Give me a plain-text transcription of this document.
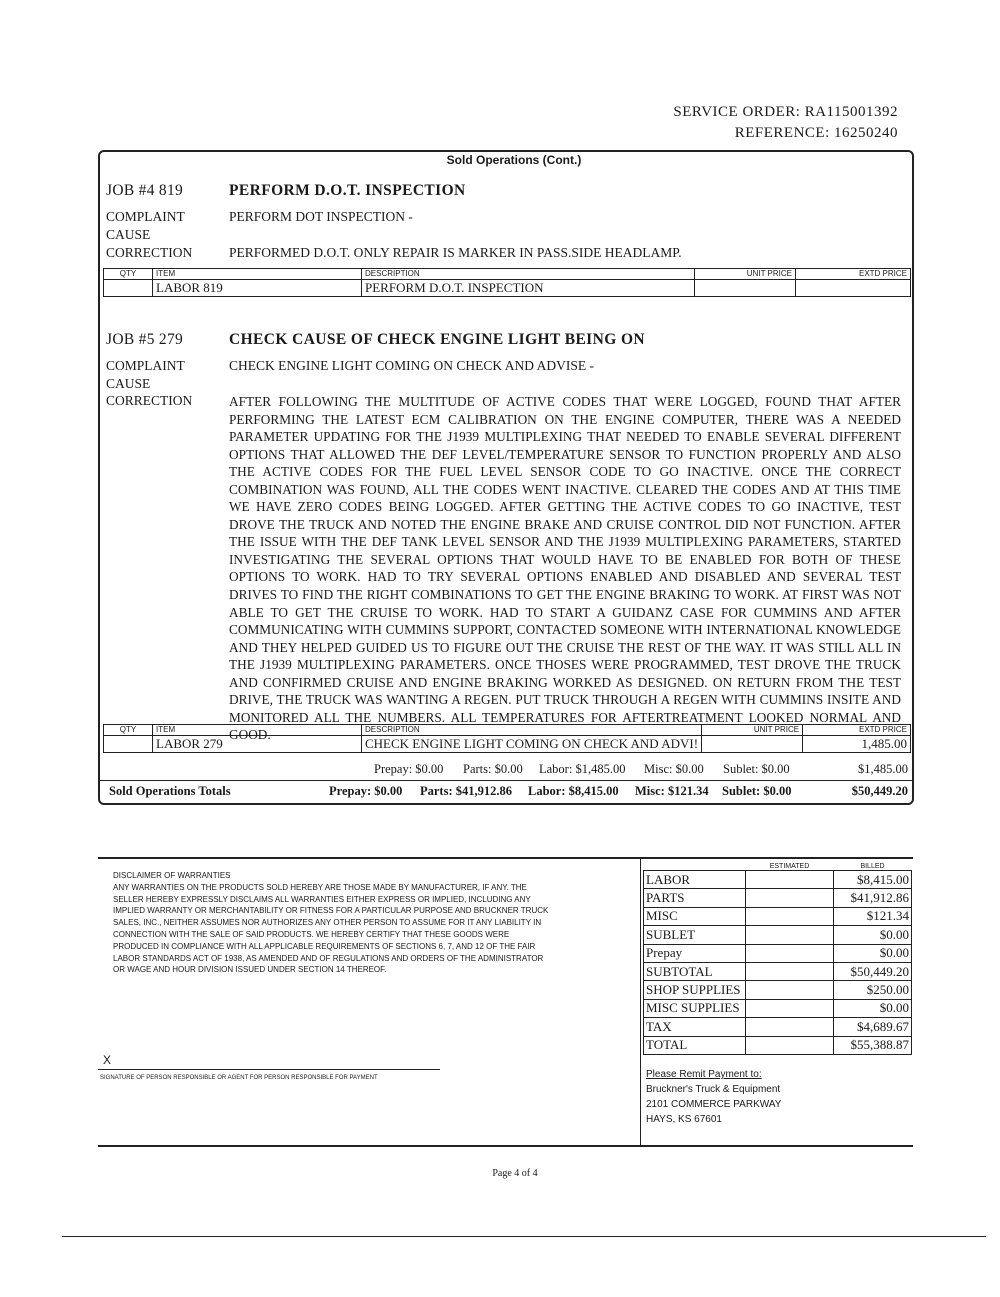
SERVICE ORDER: RA115001392
REFERENCE: 16250240
Sold Operations (Cont.)
JOB #4 819	PERFORM D.O.T. INSPECTION
COMPLAINT	PERFORM DOT INSPECTION -
CAUSE
CORRECTION	PERFORMED D.O.T. ONLY REPAIR IS MARKER IN PASS.SIDE HEADLAMP.
QTY	ITEM	DESCRIPTION	UNIT PRICE	EXTD PRICE
	LABOR 819	PERFORM D.O.T. INSPECTION		
JOB #5 279	CHECK CAUSE OF CHECK ENGINE LIGHT BEING ON
COMPLAINT	CHECK ENGINE LIGHT COMING ON CHECK AND ADVISE -
CAUSE
CORRECTION	AFTER FOLLOWING THE MULTITUDE OF ACTIVE CODES THAT WERE LOGGED, FOUND THAT AFTER PERFORMING THE LATEST ECM CALIBRATION ON THE ENGINE COMPUTER, THERE WAS A NEEDED PARAMETER UPDATING FOR THE J1939 MULTIPLEXING THAT NEEDED TO ENABLE SEVERAL DIFFERENT OPTIONS THAT ALLOWED THE DEF LEVEL/TEMPERATURE SENSOR TO FUNCTION PROPERLY AND ALSO THE ACTIVE CODES FOR THE FUEL LEVEL SENSOR CODE TO GO INACTIVE. ONCE THE CORRECT COMBINATION WAS FOUND, ALL THE CODES WENT INACTIVE. CLEARED THE CODES AND AT THIS TIME WE HAVE ZERO CODES BEING LOGGED. AFTER GETTING THE ACTIVE CODES TO GO INACTIVE, TEST DROVE THE TRUCK AND NOTED THE ENGINE BRAKE AND CRUISE CONTROL DID NOT FUNCTION. AFTER THE ISSUE WITH THE DEF TANK LEVEL SENSOR AND THE J1939 MULTIPLEXING PARAMETERS, STARTED INVESTIGATING THE SEVERAL OPTIONS THAT WOULD HAVE TO BE ENABLED FOR BOTH OF THESE OPTIONS TO WORK. HAD TO TRY SEVERAL OPTIONS ENABLED AND DISABLED AND SEVERAL TEST DRIVES TO FIND THE RIGHT COMBINATIONS TO GET THE ENGINE BRAKING TO WORK. AT FIRST WAS NOT ABLE TO GET THE CRUISE TO WORK. HAD TO START A GUIDANZ CASE FOR CUMMINS AND AFTER COMMUNICATING WITH CUMMINS SUPPORT, CONTACTED SOMEONE WITH INTERNATIONAL KNOWLEDGE AND THEY HELPED GUIDED US TO FIGURE OUT THE CRUISE THE REST OF THE WAY. IT WAS STILL ALL IN THE J1939 MULTIPLEXING PARAMETERS. ONCE THOSES WERE PROGRAMMED, TEST DROVE THE TRUCK AND CONFIRMED CRUISE AND ENGINE BRAKING WORKED AS DESIGNED. ON RETURN FROM THE TEST DRIVE, THE TRUCK WAS WANTING A REGEN. PUT TRUCK THROUGH A REGEN WITH CUMMINS INSITE AND MONITORED ALL THE NUMBERS. ALL TEMPERATURES FOR AFTERTREATMENT LOOKED NORMAL AND GOOD.
QTY	ITEM	DESCRIPTION	UNIT PRICE	EXTD PRICE
	LABOR 279	CHECK ENGINE LIGHT COMING ON CHECK AND ADVI!		1,485.00
Prepay: $0.00 Parts: $0.00 Labor: $1,485.00 Misc: $0.00 Sublet: $0.00	$1,485.00
Sold Operations Totals	Prepay: $0.00 Parts: $41,912.86 Labor: $8,415.00 Misc: $121.34 Sublet: $0.00	$50,449.20
DISCLAIMER OF WARRANTIES
ANY WARRANTIES ON THE PRODUCTS SOLD HEREBY ARE THOSE MADE BY MANUFACTURER, IF ANY. THE SELLER HEREBY EXPRESSLY DISCLAIMS ALL WARRANTIES EITHER EXPRESS OR IMPLIED, INCLUDING ANY IMPLIED WARRANTY OR MERCHANTABILITY OR FITNESS FOR A PARTICULAR PURPOSE AND BRUCKNER TRUCK SALES, INC., NEITHER ASSUMES NOR AUTHORIZES ANY OTHER PERSON TO ASSUME FOR IT ANY LIABILITY IN CONNECTION WITH THE SALE OF SAID PRODUCTS. WE HEREBY CERTIFY THAT THESE GOODS WERE PRODUCED IN COMPLIANCE WITH ALL APPLICABLE REQUIREMENTS OF SECTIONS 6, 7, AND 12 OF THE FAIR LABOR STANDARDS ACT OF 1938, AS AMENDED AND OF REGULATIONS AND ORDERS OF THE ADMINISTRATOR OR WAGE AND HOUR DIVISION ISSUED UNDER SECTION 14 THEREOF.
X
SIGNATURE OF PERSON RESPONSIBLE OR AGENT FOR PERSON RESPONSIBLE FOR PAYMENT
	ESTIMATED	BILLED
LABOR		$8,415.00
PARTS		$41,912.86
MISC		$121.34
SUBLET		$0.00
Prepay		$0.00
SUBTOTAL		$50,449.20
SHOP SUPPLIES		$250.00
MISC SUPPLIES		$0.00
TAX		$4,689.67
TOTAL		$55,388.87
Please Remit Payment to:
Bruckner's Truck & Equipment
2101 COMMERCE PARKWAY
HAYS, KS 67601
Page 4 of 4
